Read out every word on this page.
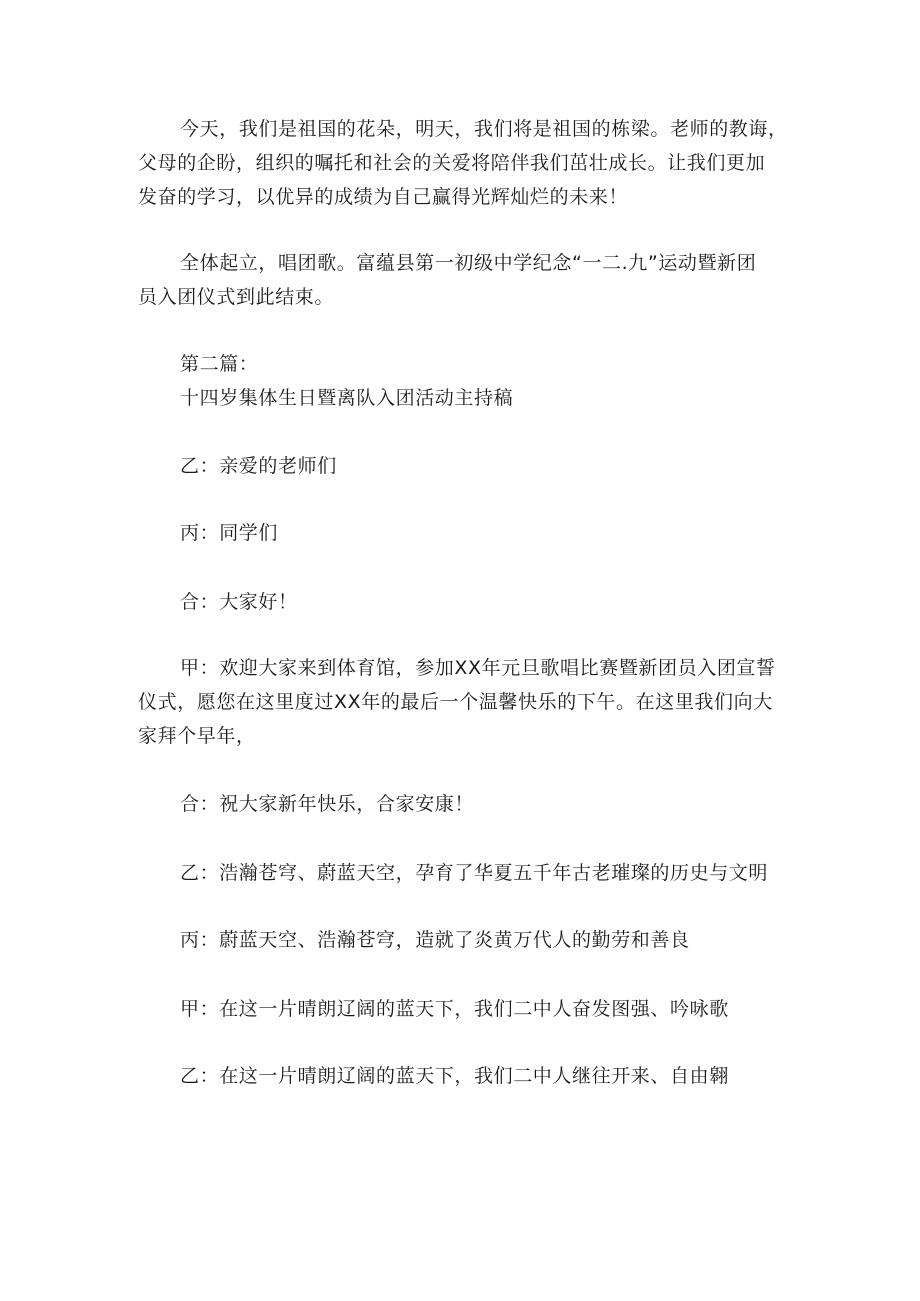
今天，我们是祖国的花朵，明天，我们将是祖国的栋梁。老师的教诲，
父母的企盼，组织的嘱托和社会的关爱将陪伴我们茁壮成长。让我们更加
发奋的学习，以优异的成绩为自己赢得光辉灿烂的未来！
全体起立，唱团歌。富蕴县第一初级中学纪念“一二.九”运动暨新团
员入团仪式到此结束。
第二篇：
十四岁集体生日暨离队入团活动主持稿
乙：亲爱的老师们
丙：同学们
合：大家好！
甲：欢迎大家来到体育馆，参加XX年元旦歌唱比赛暨新团员入团宣誓
仪式，愿您在这里度过XX年的最后一个温馨快乐的下午。在这里我们向大
家拜个早年，
合：祝大家新年快乐，合家安康！
乙：浩瀚苍穹、蔚蓝天空，孕育了华夏五千年古老璀璨的历史与文明
丙：蔚蓝天空、浩瀚苍穹，造就了炎黄万代人的勤劳和善良
甲：在这一片晴朗辽阔的蓝天下，我们二中人奋发图强、吟咏歌
乙：在这一片晴朗辽阔的蓝天下，我们二中人继往开来、自由翱
